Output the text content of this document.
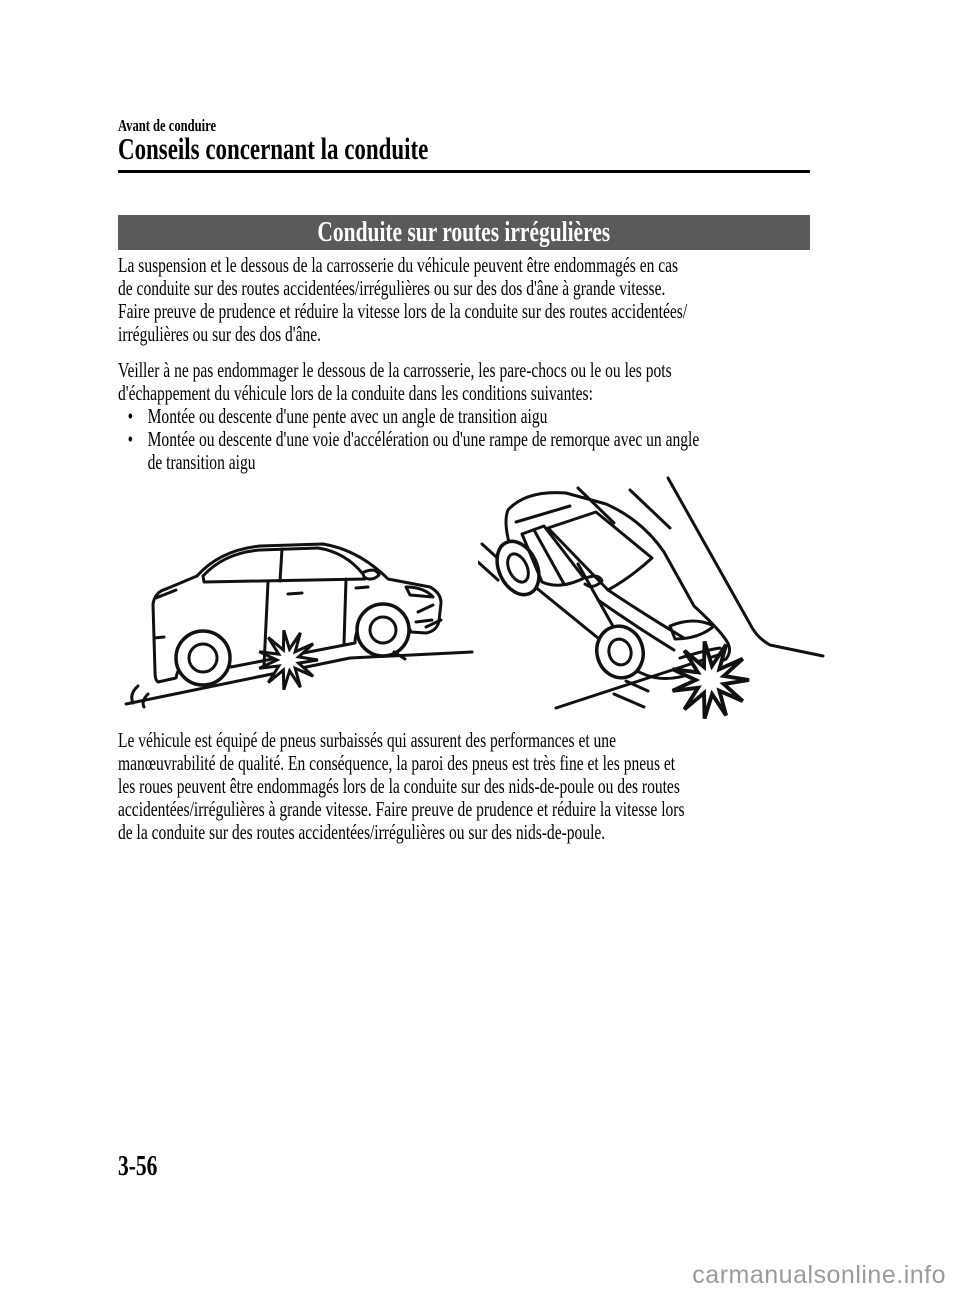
Avant de conduire
Conseils concernant la conduite
Conduite sur routes irrégulières
La suspension et le dessous de la carrosserie du véhicule peuvent être endommagés en cas
de conduite sur des routes accidentées/irrégulières ou sur des dos d'âne à grande vitesse.
Faire preuve de prudence et réduire la vitesse lors de la conduite sur des routes accidentées/
irrégulières ou sur des dos d'âne.
Veiller à ne pas endommager le dessous de la carrosserie, les pare-chocs ou le ou les pots
d'échappement du véhicule lors de la conduite dans les conditions suivantes:
• Montée ou descente d'une pente avec un angle de transition aigu
• Montée ou descente d'une voie d'accélération ou d'une rampe de remorque avec un angle
de transition aigu
Le véhicule est équipé de pneus surbaissés qui assurent des performances et une
manœuvrabilité de qualité. En conséquence, la paroi des pneus est très fine et les pneus et
les roues peuvent être endommagés lors de la conduite sur des nids-de-poule ou des routes
accidentées/irrégulières à grande vitesse. Faire preuve de prudence et réduire la vitesse lors
de la conduite sur des routes accidentées/irrégulières ou sur des nids-de-poule.
3-56
carmanualsonline.info
